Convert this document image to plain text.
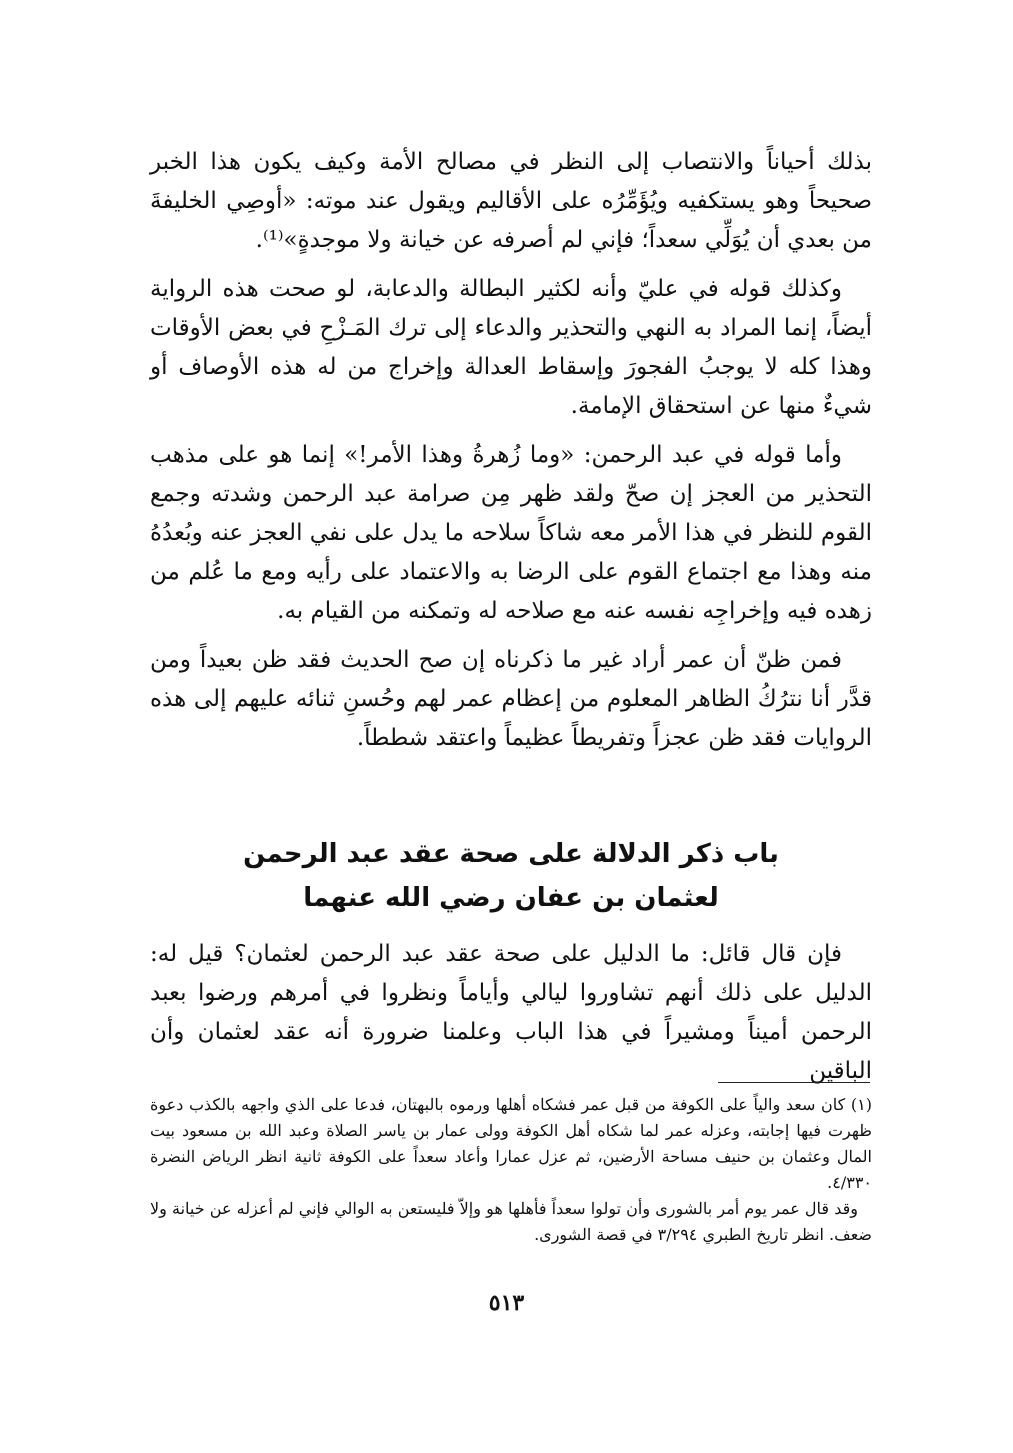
بذلك أحياناً والانتصاب إلى النظر في مصالح الأمة وكيف يكون هذا الخبر صحيحاً وهو يستكفيه ويُؤَمِّرُه على الأقاليم ويقول عند موته: «أوصِي الخليفةَ من بعدي أن يُوَلِّي سعداً؛ فإني لم أصرفه عن خيانة ولا موجدةٍ»⁽¹⁾.

وكذلك قوله في عليّ وأنه لكثير البطالة والدعابة، لو صحت هذه الرواية أيضاً، إنما المراد به النهي والتحذير والدعاء إلى ترك المَـزْحِ في بعض الأوقات وهذا كله لا يوجبُ الفجورَ وإسقاط العدالة وإخراج من له هذه الأوصاف أو شيءٌ منها عن استحقاق الإمامة.

وأما قوله في عبد الرحمن: «وما زُهرةُ وهذا الأمر!» إنما هو على مذهب التحذير من العجز إن صحّ ولقد ظهر مِن صرامة عبد الرحمن وشدته وجمع القوم للنظر في هذا الأمر معه شاكاً سلاحه ما يدل على نفي العجز عنه وبُعدُهُ منه وهذا مع اجتماع القوم على الرضا به والاعتماد على رأيه ومع ما عُلم من زهده فيه وإخراجِه نفسه عنه مع صلاحه له وتمكنه من القيام به.

فمن ظنّ أن عمر أراد غير ما ذكرناه إن صح الحديث فقد ظن بعيداً ومن قدَّر أنا نترُكُ الظاهر المعلوم من إعظام عمر لهم وحُسنِ ثنائه عليهم إلى هذه الروايات فقد ظن عجزاً وتفريطاً عظيماً واعتقد شططاً.

باب ذكر الدلالة على صحة عقد عبد الرحمن
لعثمان بن عفان رضي الله عنهما

فإن قال قائل: ما الدليل على صحة عقد عبد الرحمن لعثمان؟ قيل له: الدليل على ذلك أنهم تشاوروا ليالي وأياماً ونظروا في أمرهم ورضوا بعبد الرحمن أميناً ومشيراً في هذا الباب وعلمنا ضرورة أنه عقد لعثمان وأن الباقين

(١) كان سعد والياً على الكوفة من قبل عمر فشكاه أهلها ورموه بالبهتان، فدعا على الذي واجهه بالكذب دعوة ظهرت فيها إجابته، وعزله عمر لما شكاه أهل الكوفة وولى عمار بن ياسر الصلاة وعبد الله بن مسعود بيت المال وعثمان بن حنيف مساحة الأرضين، ثم عزل عمارا وأعاد سعداً على الكوفة ثانية انظر الرياض النضرة ٤/٣٣٠.

وقد قال عمر يوم أمر بالشورى وأن تولوا سعداً فأهلها هو وإلاّ فليستعن به الوالي فإني لم أعزله عن خيانة ولا ضعف. انظر تاريخ الطبري ٣/٢٩٤ في قصة الشورى.

٥١٣
